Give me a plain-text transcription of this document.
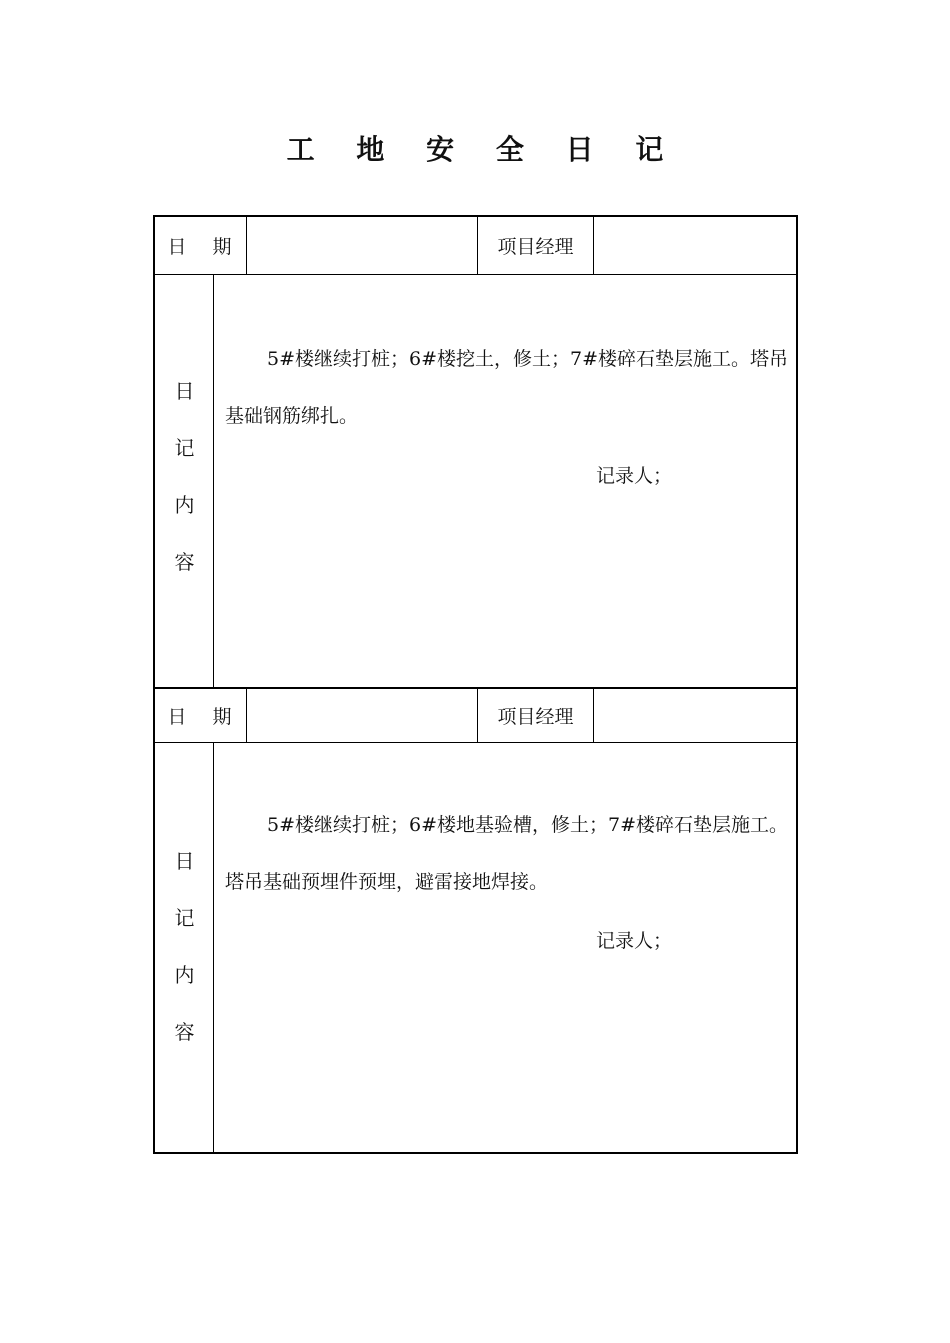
工 地 安 全 日 记
日 期	项目经理
日
记
内
容

5#楼继续打桩；6#楼挖土，修土；7#楼碎石垫层施工。塔吊基础钢筋绑扎。

记录人；
日 期	项目经理
日
记
内
容

5#楼继续打桩；6#楼地基验槽，修土；7#楼碎石垫层施工。塔吊基础预埋件预埋，避雷接地焊接。

记录人；
